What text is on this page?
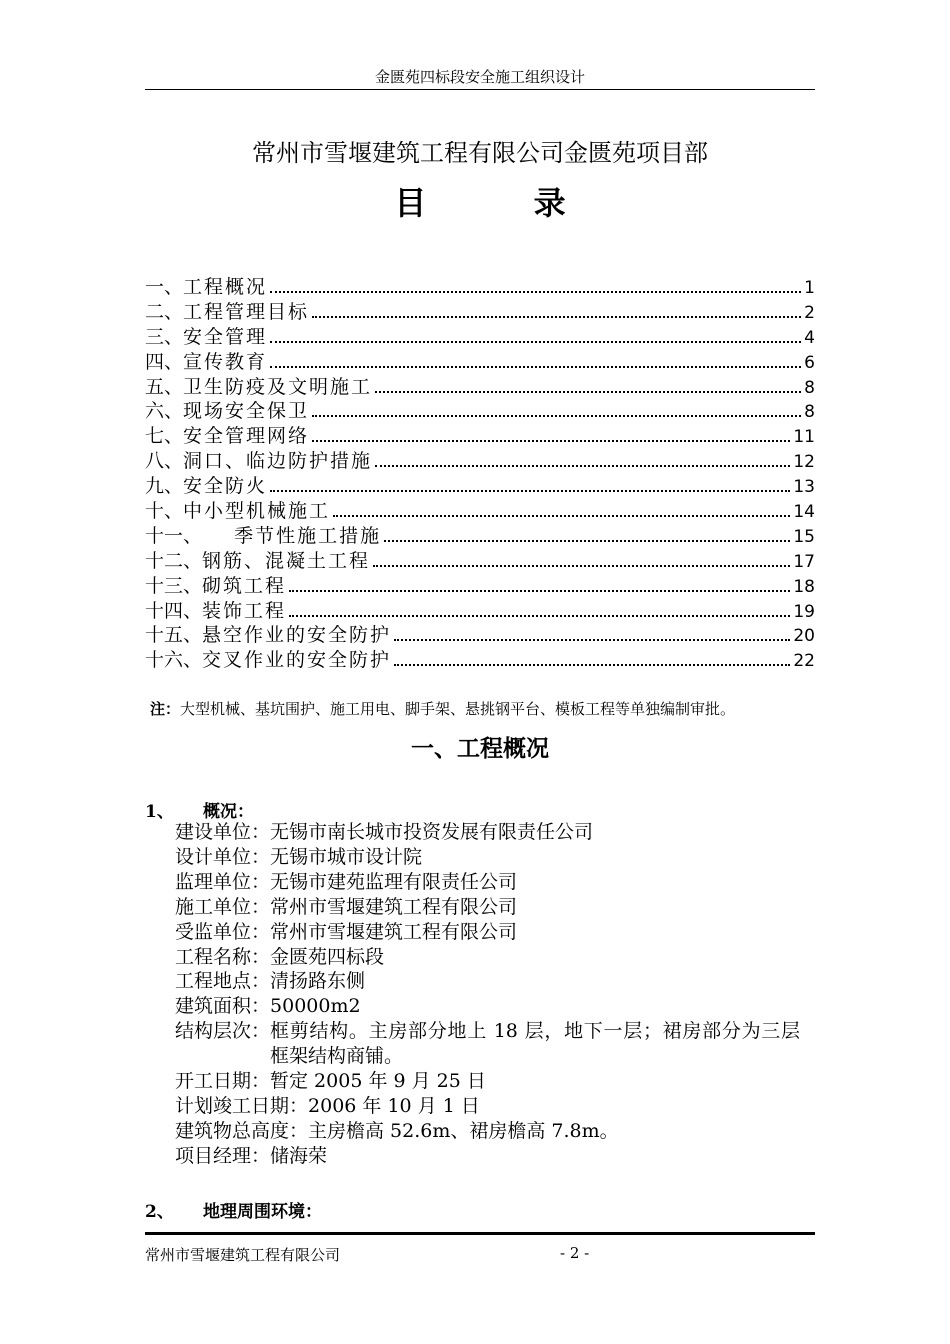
金匮苑四标段安全施工组织设计
常州市雪堰建筑工程有限公司金匮苑项目部
目 录
一、 工程概况	1
二、 工程管理目标	2
三、 安全管理	4
四、 宣传教育	6
五、 卫生防疫及文明施工	8
六、 现场安全保卫	8
七、 安全管理网络	11
八、 洞口、临边防护措施	12
九、 安全防火	13
十、 中小型机械施工	14
十一、 季节性施工措施	15
十二、 钢筋、混凝土工程	17
十三、 砌筑工程	18
十四、 装饰工程	19
十五、 悬空作业的安全防护	20
十六、 交叉作业的安全防护	22
注：大型机械、基坑围护、施工用电、脚手架、悬挑钢平台、模板工程等单独编制审批。
一、工程概况
1、 概况：
建设单位： 无锡市南长城市投资发展有限责任公司
设计单位： 无锡市城市设计院
监理单位： 无锡市建苑监理有限责任公司
施工单位： 常州市雪堰建筑工程有限公司
受监单位： 常州市雪堰建筑工程有限公司
工程名称： 金匮苑四标段
工程地点： 清扬路东侧
建筑面积： 50000m2
结构层次： 框剪结构。主房部分地上 18 层，地下一层；裙房部分为三层框架结构商铺。
开工日期： 暂定 2005 年 9 月 25 日
计划竣工日期： 2006 年 10 月 1 日
建筑物总高度： 主房檐高 52.6m、裙房檐高 7.8m。
项目经理： 储海荣
2、 地理周围环境：
常州市雪堰建筑工程有限公司	- 2 -
